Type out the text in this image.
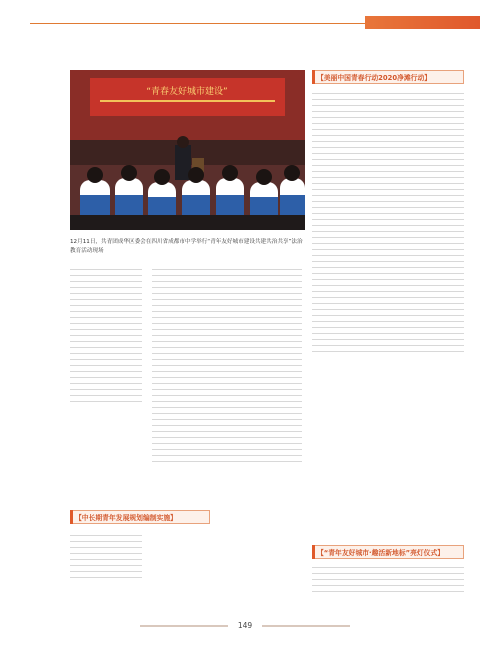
共青团城市服务
“青春友好城市建设”
12月11日，共青团成华区委会在四川省成都市中学举行“青年友好城市建设共建共治共享”法治教育活动现场
【中长期青年发展规划编制实施】
【美丽中国青春行动2020净滩行动】
【“青年友好城市·趣活新地标”亮灯仪式】
149
